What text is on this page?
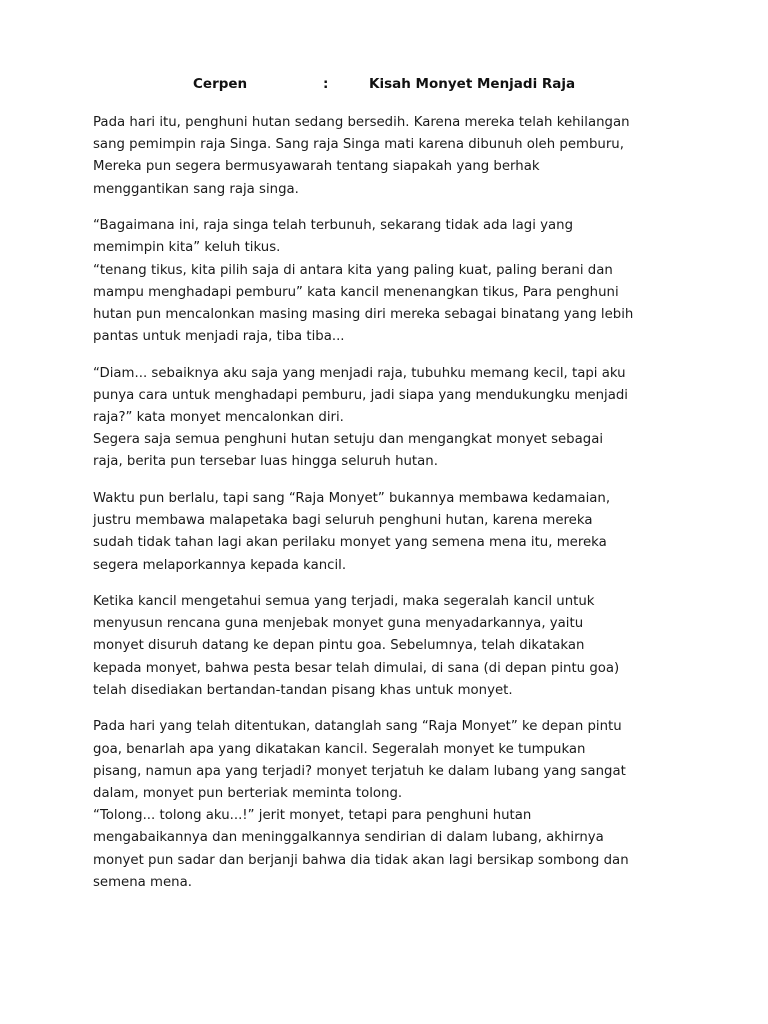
Cerpen	:	Kisah Monyet Menjadi Raja

Pada hari itu, penghuni hutan sedang bersedih. Karena mereka telah kehilangan
sang pemimpin raja Singa. Sang raja Singa mati karena dibunuh oleh pemburu,
Mereka pun segera bermusyawarah tentang siapakah yang berhak
menggantikan sang raja singa.

“Bagaimana ini, raja singa telah terbunuh, sekarang tidak ada lagi yang
memimpin kita” keluh tikus.
“tenang tikus, kita pilih saja di antara kita yang paling kuat, paling berani dan
mampu menghadapi pemburu” kata kancil menenangkan tikus, Para penghuni
hutan pun mencalonkan masing masing diri mereka sebagai binatang yang lebih
pantas untuk menjadi raja, tiba tiba...

“Diam... sebaiknya aku saja yang menjadi raja, tubuhku memang kecil, tapi aku
punya cara untuk menghadapi pemburu, jadi siapa yang mendukungku menjadi
raja?” kata monyet mencalonkan diri.
Segera saja semua penghuni hutan setuju dan mengangkat monyet sebagai
raja, berita pun tersebar luas hingga seluruh hutan.

Waktu pun berlalu, tapi sang “Raja Monyet” bukannya membawa kedamaian,
justru membawa malapetaka bagi seluruh penghuni hutan, karena mereka
sudah tidak tahan lagi akan perilaku monyet yang semena mena itu, mereka
segera melaporkannya kepada kancil.

Ketika kancil mengetahui semua yang terjadi, maka segeralah kancil untuk
menyusun rencana guna menjebak monyet guna menyadarkannya, yaitu
monyet disuruh datang ke depan pintu goa. Sebelumnya, telah dikatakan
kepada monyet, bahwa pesta besar telah dimulai, di sana (di depan pintu goa)
telah disediakan bertandan-tandan pisang khas untuk monyet.

Pada hari yang telah ditentukan, datanglah sang “Raja Monyet” ke depan pintu
goa, benarlah apa yang dikatakan kancil. Segeralah monyet ke tumpukan
pisang, namun apa yang terjadi? monyet terjatuh ke dalam lubang yang sangat
dalam, monyet pun berteriak meminta tolong.
“Tolong... tolong aku...!” jerit monyet, tetapi para penghuni hutan
mengabaikannya dan meninggalkannya sendirian di dalam lubang, akhirnya
monyet pun sadar dan berjanji bahwa dia tidak akan lagi bersikap sombong dan
semena mena.
